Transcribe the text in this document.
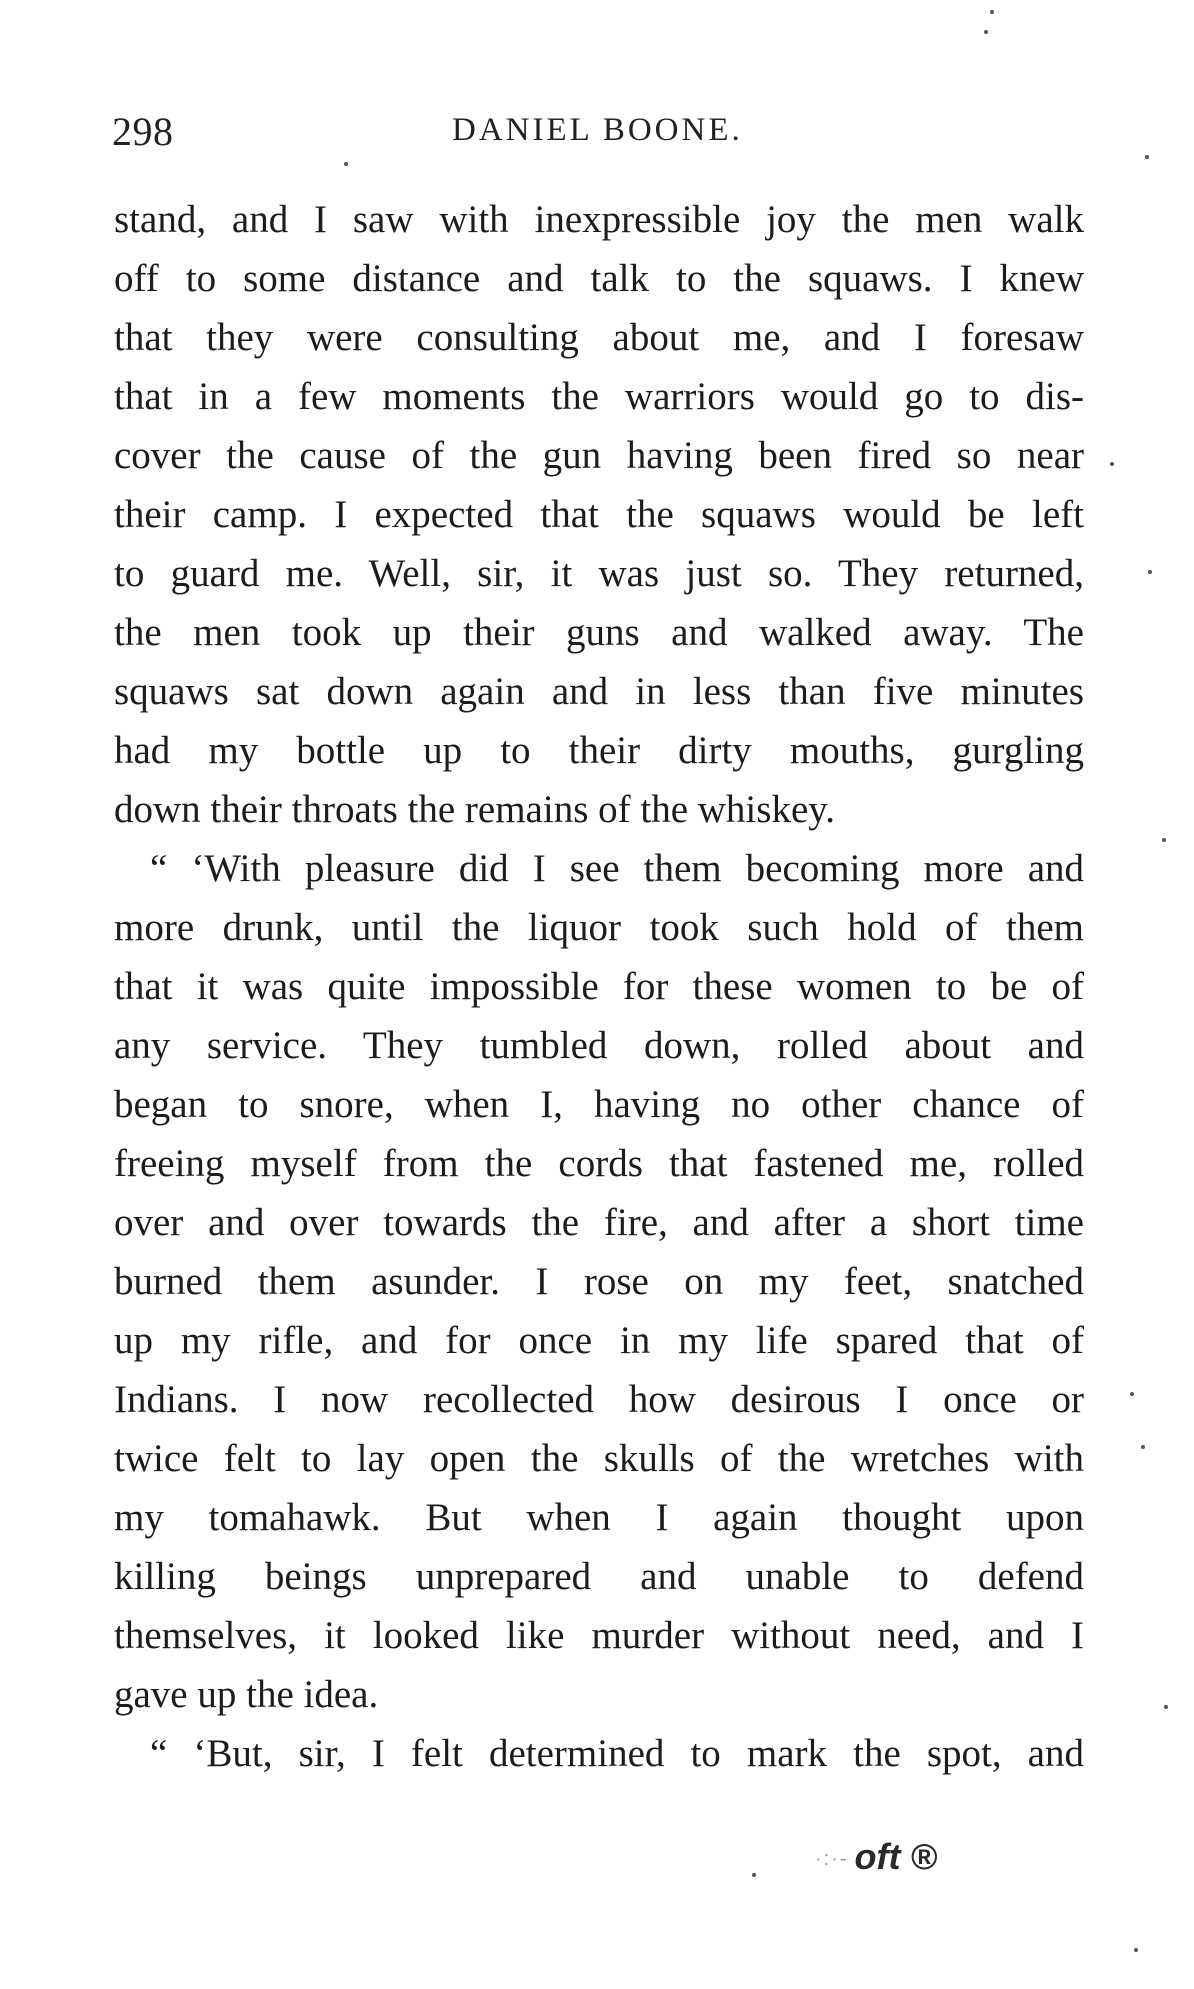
298	DANIEL BOONE.
stand, and I saw with inexpressible joy the men walk
off to some distance and talk to the squaws. I knew
that they were consulting about me, and I foresaw
that in a few moments the warriors would go to dis-
cover the cause of the gun having been fired so near
their camp. I expected that the squaws would be left
to guard me. Well, sir, it was just so. They returned,
the men took up their guns and walked away. The
squaws sat down again and in less than five minutes
had my bottle up to their dirty mouths, gurgling
down their throats the remains of the whiskey.
“ ‘With pleasure did I see them becoming more and
more drunk, until the liquor took such hold of them
that it was quite impossible for these women to be of
any service. They tumbled down, rolled about and
began to snore, when I, having no other chance of
freeing myself from the cords that fastened me, rolled
over and over towards the fire, and after a short time
burned them asunder. I rose on my feet, snatched
up my rifle, and for once in my life spared that of
Indians. I now recollected how desirous I once or
twice felt to lay open the skulls of the wretches with
my tomahawk. But when I again thought upon
killing beings unprepared and unable to defend
themselves, it looked like murder without need, and I
gave up the idea.
“ ‘But, sir, I felt determined to mark the spot, and
·:·- oft ®
